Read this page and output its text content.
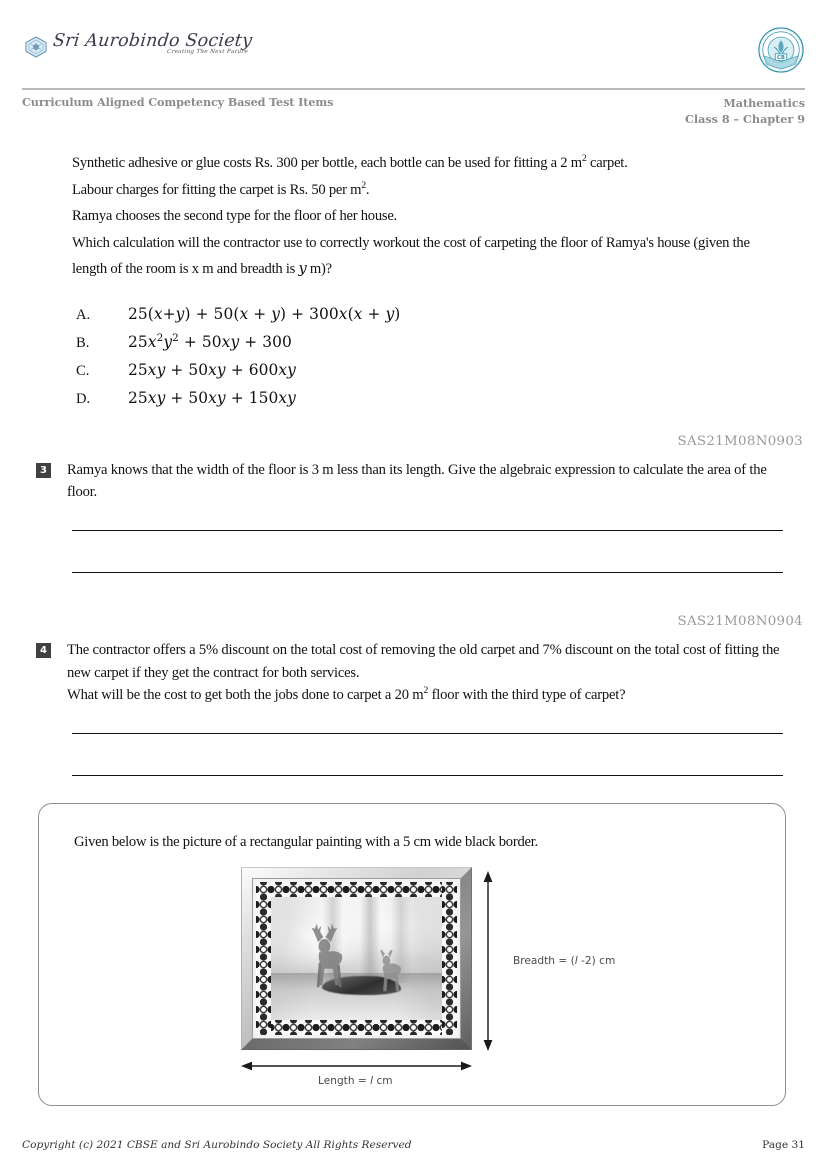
Sri Aurobindo Society
Creating The Next Future
CB
Curriculum Aligned Competency Based Test Items	Mathematics
Class 8 – Chapter 9

Synthetic adhesive or glue costs Rs. 300 per bottle, each bottle can be used for fitting a 2 $m^2$ carpet.

Labour charges for fitting the carpet is Rs. 50 per $m^2$.

Ramya chooses the second type for the floor of her house.

Which calculation will the contractor use to correctly workout the cost of carpeting the floor of Ramya's house (given the length of the room is x m and breadth is y m)?

A.	25(x+y) + 50(x + y) + 300x(x + y)
B.	$25x^2y^2 + 50xy + 300$
C.	25xy + 50xy + 600xy
D.	25xy + 50xy + 150xy
SAS21M08N0903
3 Ramya knows that the width of the floor is 3 m less than its length. Give the algebraic expression to calculate the area of the floor.
SAS21M08N0904
4 The contractor offers a 5% discount on the total cost of removing the old carpet and 7% discount on the total cost of fitting the new carpet if they get the contract for both services.
What will be the cost to get both the jobs done to carpet a 20 $m^2$ floor with the third type of carpet?
Given below is the picture of a rectangular painting with a 5 cm wide black border.
Breadth = (l -2) cm
Length = l cm
Copyright (c) 2021 CBSE and Sri Aurobindo Society All Rights Reserved	Page 31
